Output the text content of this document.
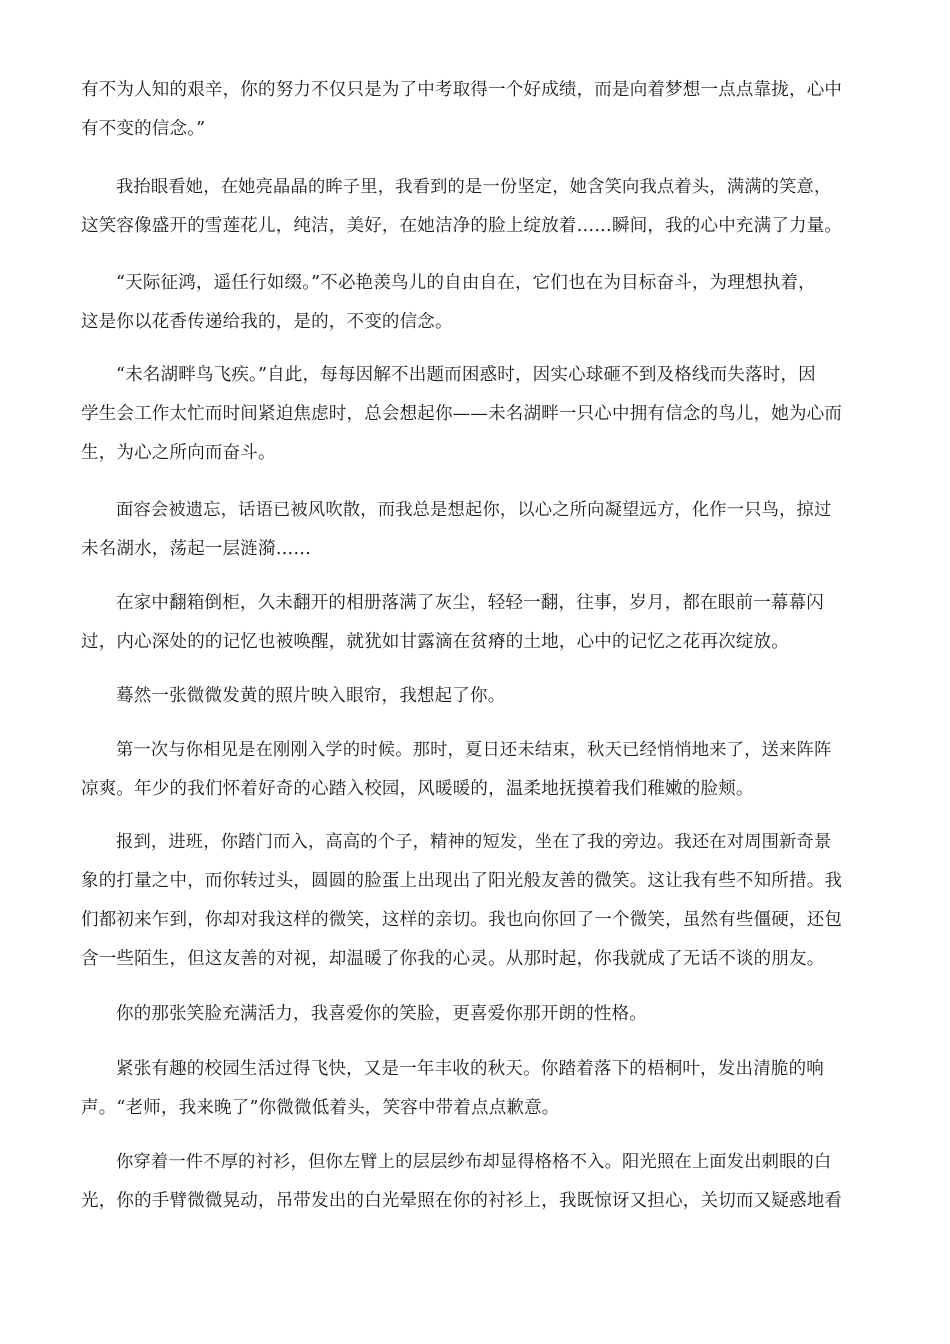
有不为人知的艰辛，你的努力不仅只是为了中考取得一个好成绩，而是向着梦想一点点靠拢，心中
有不变的信念。”

我抬眼看她，在她亮晶晶的眸子里，我看到的是一份坚定，她含笑向我点着头，满满的笑意，
这笑容像盛开的雪莲花儿，纯洁，美好，在她洁净的脸上绽放着……瞬间，我的心中充满了力量。

“天际征鸿，遥任行如缀。”不必艳羡鸟儿的自由自在，它们也在为目标奋斗，为理想执着，
这是你以花香传递给我的，是的，不变的信念。

“未名湖畔鸟飞疾。”自此，每每因解不出题而困惑时，因实心球砸不到及格线而失落时，因
学生会工作太忙而时间紧迫焦虑时，总会想起你——未名湖畔一只心中拥有信念的鸟儿，她为心而
生，为心之所向而奋斗。

面容会被遗忘，话语已被风吹散，而我总是想起你，以心之所向凝望远方，化作一只鸟，掠过
未名湖水，荡起一层涟漪……

在家中翻箱倒柜，久未翻开的相册落满了灰尘，轻轻一翻，往事，岁月，都在眼前一幕幕闪
过，内心深处的的记忆也被唤醒，就犹如甘露滴在贫瘠的土地，心中的记忆之花再次绽放。

蓦然一张微微发黄的照片映入眼帘，我想起了你。

第一次与你相见是在刚刚入学的时候。那时，夏日还未结束，秋天已经悄悄地来了，送来阵阵
凉爽。年少的我们怀着好奇的心踏入校园，风暖暖的，温柔地抚摸着我们稚嫩的脸颊。

报到，进班，你踏门而入，高高的个子，精神的短发，坐在了我的旁边。我还在对周围新奇景
象的打量之中，而你转过头，圆圆的脸蛋上出现出了阳光般友善的微笑。这让我有些不知所措。我
们都初来乍到，你却对我这样的微笑，这样的亲切。我也向你回了一个微笑，虽然有些僵硬，还包
含一些陌生，但这友善的对视，却温暖了你我的心灵。从那时起，你我就成了无话不谈的朋友。

你的那张笑脸充满活力，我喜爱你的笑脸，更喜爱你那开朗的性格。

紧张有趣的校园生活过得飞快，又是一年丰收的秋天。你踏着落下的梧桐叶，发出清脆的响
声。“老师，我来晚了”你微微低着头，笑容中带着点点歉意。

你穿着一件不厚的衬衫，但你左臂上的层层纱布却显得格格不入。阳光照在上面发出刺眼的白
光，你的手臂微微晃动，吊带发出的白光晕照在你的衬衫上，我既惊讶又担心，关切而又疑惑地看
